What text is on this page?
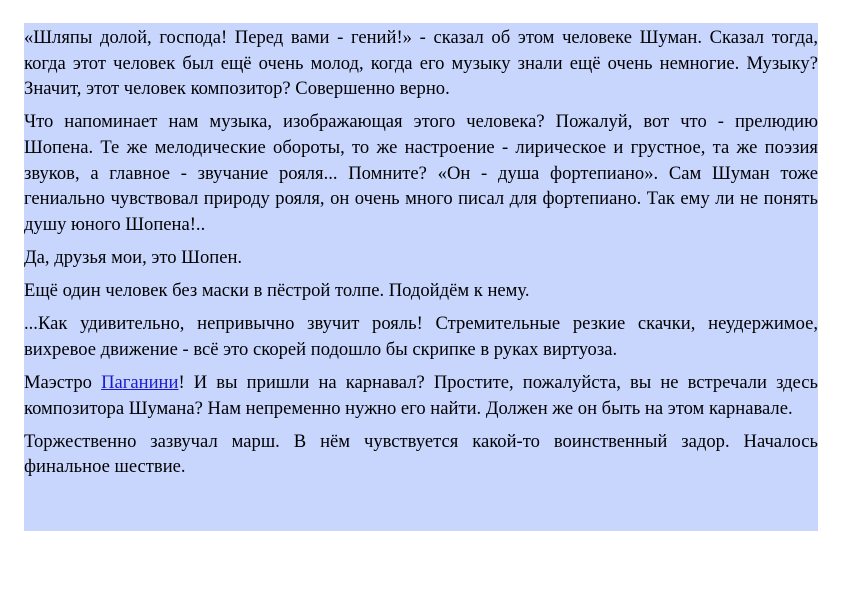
«Шляпы долой, господа! Перед вами - гений!» - сказал об этом человеке Шуман. Сказал тогда, когда этот человек был ещё очень молод, когда его музыку знали ещё очень немногие. Музыку? Значит, этот человек композитор? Совершенно верно.

Что напоминает нам музыка, изображающая этого человека? Пожалуй, вот что - прелюдию Шопена. Те же мелодические обороты, то же настроение - лирическое и грустное, та же поэзия звуков, а главное - звучание рояля... Помните? «Он - душа фортепиано». Сам Шуман тоже гениально чувствовал природу рояля, он очень много писал для фортепиано. Так ему ли не понять душу юного Шопена!..

Да, друзья мои, это Шопен.

Ещё один человек без маски в пёстрой толпе. Подойдём к нему.

...Как удивительно, непривычно звучит рояль! Стремительные резкие скачки, неудержимое, вихревое движение - всё это скорей подошло бы скрипке в руках виртуоза.

Маэстро Паганини! И вы пришли на карнавал? Простите, пожалуйста, вы не встречали здесь композитора Шумана? Нам непременно нужно его найти. Должен же он быть на этом карнавале.

Торжественно зазвучал марш. В нём чувствуется какой-то воинственный задор. Началось финальное шествие.
